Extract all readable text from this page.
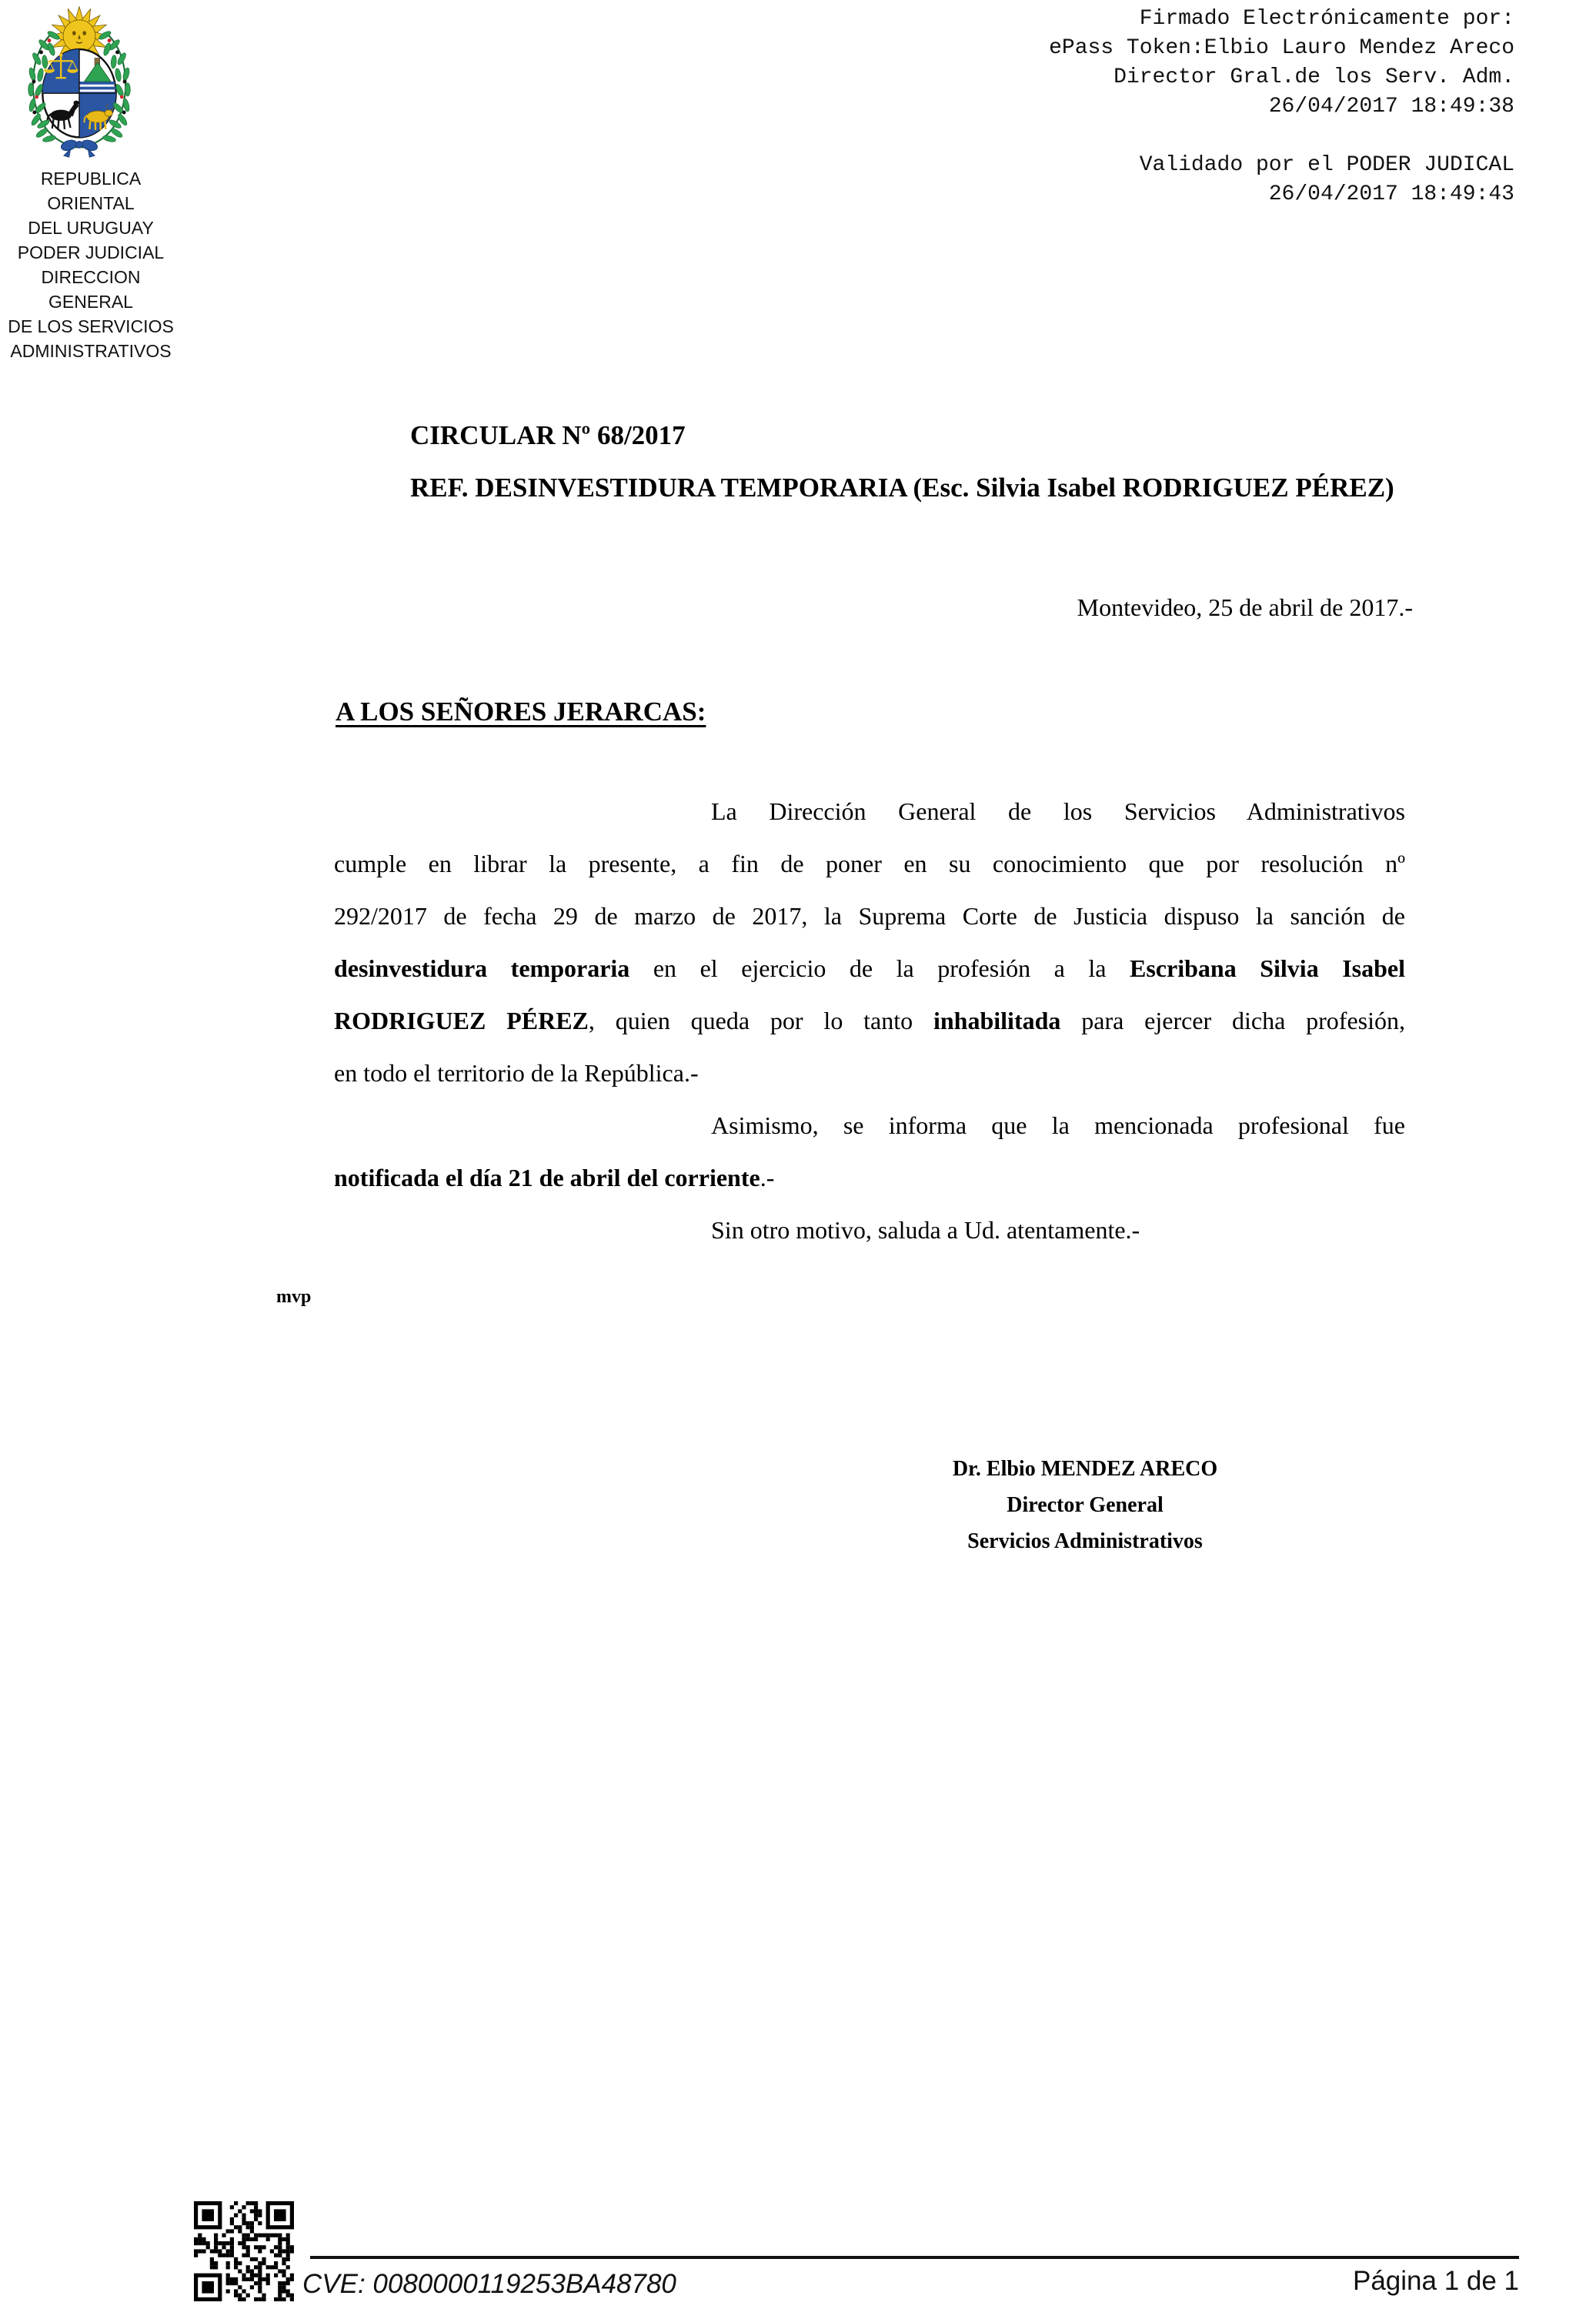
REPUBLICA ORIENTAL
DEL URUGUAY
PODER JUDICIAL
DIRECCION GENERAL
DE LOS SERVICIOS
ADMINISTRATIVOS
Firmado Electrónicamente por:
ePass Token:Elbio Lauro Mendez Areco
Director Gral.de los Serv. Adm.
26/04/2017 18:49:38
Validado por el PODER JUDICAL
26/04/2017 18:49:43
CIRCULAR Nº 68/2017
REF. DESINVESTIDURA TEMPORARIA (Esc. Silvia Isabel RODRIGUEZ PÉREZ)
Montevideo, 25 de abril de 2017.-
A LOS SEÑORES JERARCAS:
La Dirección General de los Servicios Administrativos
cumple en librar la presente, a fin de poner en su conocimiento que por resolución nº
292/2017 de fecha 29 de marzo de 2017, la Suprema Corte de Justicia dispuso la sanción de
desinvestidura temporaria en el ejercicio de la profesión a la Escribana Silvia Isabel
RODRIGUEZ PÉREZ, quien queda por lo tanto inhabilitada para ejercer dicha profesión,
en todo el territorio de la República.-
Asimismo, se informa que la mencionada profesional fue
notificada el día 21 de abril del corriente.-
Sin otro motivo, saluda a Ud. atentamente.-
mvp
Dr. Elbio MENDEZ ARECO
Director General
Servicios Administrativos
CVE: 0080000119253BA48780	Página 1 de 1
